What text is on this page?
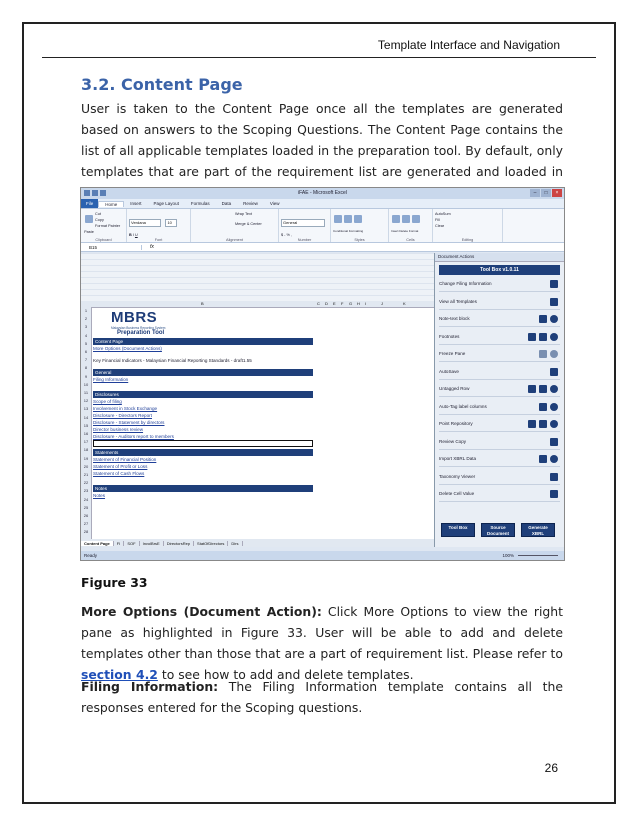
Template Interface and Navigation
3.2. Content Page
User is taken to the Content Page once all the templates are generated based on answers to the Scoping Questions. The Content Page contains the list of all applicable templates loaded in the preparation tool. By default, only templates that are part of the requirement list are generated and loaded in
iFAE - Microsoft Excel	–	□	×
File	Home	Insert	Page Layout	Formulas	Data	Review	View
Paste
Cut
Copy
Format Painter
Clipboard
Verdana	10
B I U
Font
Wrap Text
Merge & Center
Alignment
General
$ - % ,
Number
Conditional Formatting
Styles
Insert Delete Format
Cells
AutoSum
Fill
Clear
Editing
B15	fx
B	C D E F G H I	J	K
1
2
3
4
5
6
7
8
9
10
11
12
13
14
15
16
17
18
19
20
21
22
23
24
25
26
27
28
MBRS
Malaysian Business Reporting System
Preparation Tool
Content Page
More Options (Document Actions)
Key Financial Indicators - Malaysian Financial Reporting Standards - draft1.55
General
Filing Information
Disclosures
Scope of filing
Involvement in Stock Exchange
Disclosure - Directors Report
Disclosure - Statement by directors
Director business review
Disclosure - Auditors report to members
Statements
Statement of Financial Position
Statement of Profit or Loss
Statement of Cash Flows
Notes
Notes
Content Page	FI	SOF	InvolBrsE	DirectorsRep	StatOfDirectors	Dirs
Document Actions
Tool Box v1.0.11
Change Filing Information
View all Templates
Note-text block
Footnotes
Freeze Pane
AutoSave
Untagged Row
Auto-Tag label columns
Point Repository
Review Copy
Import XBRL Data
Taxonomy Viewer
Delete Cell Value
Tool Box	Source Document
Generate XBRL
Ready	100%
Figure 33
More Options (Document Action): Click More Options to view the right pane as highlighted in Figure 33. User will be able to add and delete templates other than those that are a part of requirement list. Please refer to section 4.2 to see how to add and delete templates.
Filing Information: The Filing Information template contains all the responses entered for the Scoping questions.
26
